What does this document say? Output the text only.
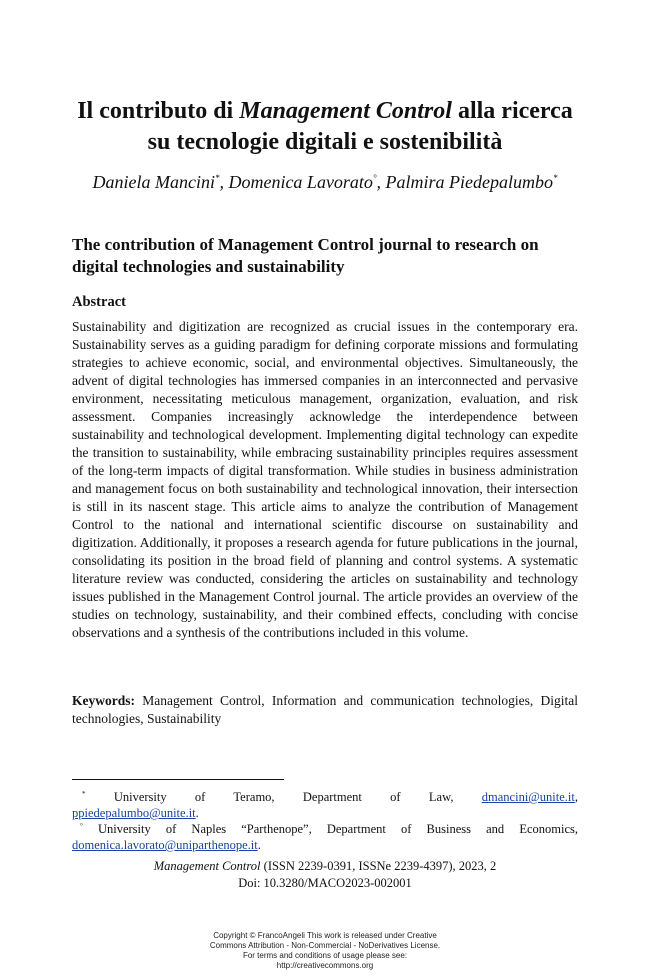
Il contributo di Management Control alla ricerca
su tecnologie digitali e sostenibilità
Daniela Mancini*, Domenica Lavorato°, Palmira Piedepalumbo*
The contribution of Management Control journal to research on digital technologies and sustainability
Abstract

Sustainability and digitization are recognized as crucial issues in the contemporary era. Sustainability serves as a guiding paradigm for defining corporate missions and formulating strategies to achieve economic, social, and environmental objectives. Simultaneously, the advent of digital technologies has immersed companies in an interconnected and pervasive environment, necessitating meticulous management, organization, evaluation, and risk assessment. Companies increasingly acknowledge the interdependence between sustainability and technological development. Implementing digital technology can expedite the transition to sustainability, while embracing sustainability principles requires assessment of the long-term impacts of digital transformation. While studies in business administration and management focus on both sustainability and technological innovation, their intersection is still in its nascent stage. This article aims to analyze the contribution of Management Control to the national and international scientific discourse on sustainability and digitization. Additionally, it proposes a research agenda for future publications in the journal, consolidating its position in the broad field of planning and control systems. A systematic literature review was conducted, considering the articles on sustainability and technology issues published in the Management Control journal. The article provides an overview of the studies on technology, sustainability, and their combined effects, concluding with concise observations and a synthesis of the contributions included in this volume.

Keywords: Management Control, Information and communication technologies, Digital technologies, Sustainability

* University of Teramo, Department of Law, dmancini@unite.it,
ppiedepalumbo@unite.it.
° University of Naples “Parthenope”, Department of Business and Economics, domenica.lavorato@uniparthenope.it.
Management Control (ISSN 2239-0391, ISSNe 2239-4397), 2023, 2
Doi: 10.3280/MACO2023-002001
Copyright © FrancoAngeli This work is released under Creative
Commons Attribution - Non-Commercial - NoDerivatives License.
For terms and conditions of usage please see:
http://creativecommons.org
